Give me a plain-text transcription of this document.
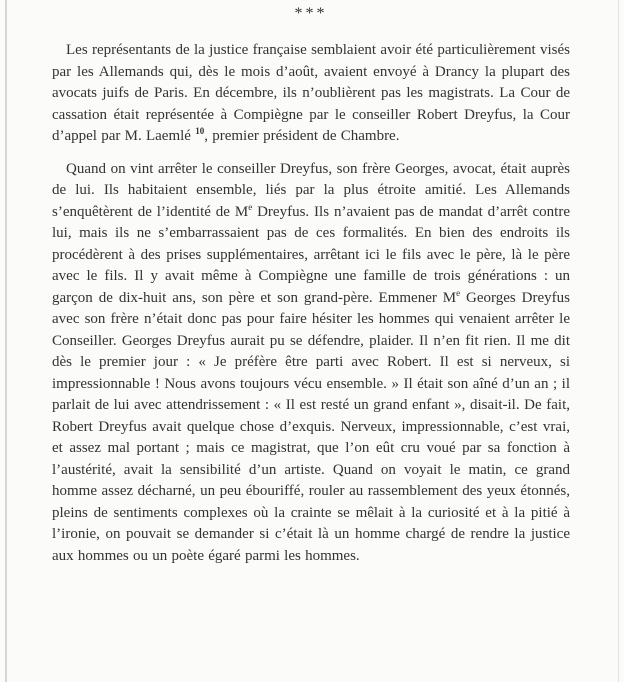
***

Les représentants de la justice française semblaient avoir été particulièrement visés par les Allemands qui, dès le mois d’août, avaient envoyé à Drancy la plupart des avocats juifs de Paris. En décembre, ils n’oublièrent pas les magistrats. La Cour de cassation était représentée à Compiègne par le conseiller Robert Dreyfus, la Cour d’appel par M. Laemlé $^{10}$, premier président de Chambre.

Quand on vint arrêter le conseiller Dreyfus, son frère Georges, avocat, était auprès de lui. Ils habitaient ensemble, liés par la plus étroite amitié. Les Allemands s’enquêtèrent de l’identité de Me Dreyfus. Ils n’avaient pas de mandat d’arrêt contre lui, mais ils ne s’embarrassaient pas de ces formalités. En bien des endroits ils procédèrent à des prises supplémentaires, arrêtant ici le fils avec le père, là le père avec le fils. Il y avait même à Compiègne une famille de trois générations : un garçon de dix-huit ans, son père et son grand-père. Emmener Me Georges Dreyfus avec son frère n’était donc pas pour faire hésiter les hommes qui venaient arrêter le Conseiller. Georges Dreyfus aurait pu se défendre, plaider. Il n’en fit rien. Il me dit dès le premier jour : « Je préfère être parti avec Robert. Il est si nerveux, si impressionnable ! Nous avons toujours vécu ensemble. » Il était son aîné d’un an ; il parlait de lui avec attendrissement : « Il est resté un grand enfant », disait-il. De fait, Robert Dreyfus avait quelque chose d’exquis. Nerveux, impressionnable, c’est vrai, et assez mal portant ; mais ce magistrat, que l’on eût cru voué par sa fonction à l’austérité, avait la sensibilité d’un artiste. Quand on voyait le matin, ce grand homme assez décharné, un peu ébouriffé, rouler au rassemblement des yeux étonnés, pleins de sentiments complexes où la crainte se mêlait à la curiosité et à la pitié à l’ironie, on pouvait se demander si c’était là un homme chargé de rendre la justice aux hommes ou un poète égaré parmi les hommes.
